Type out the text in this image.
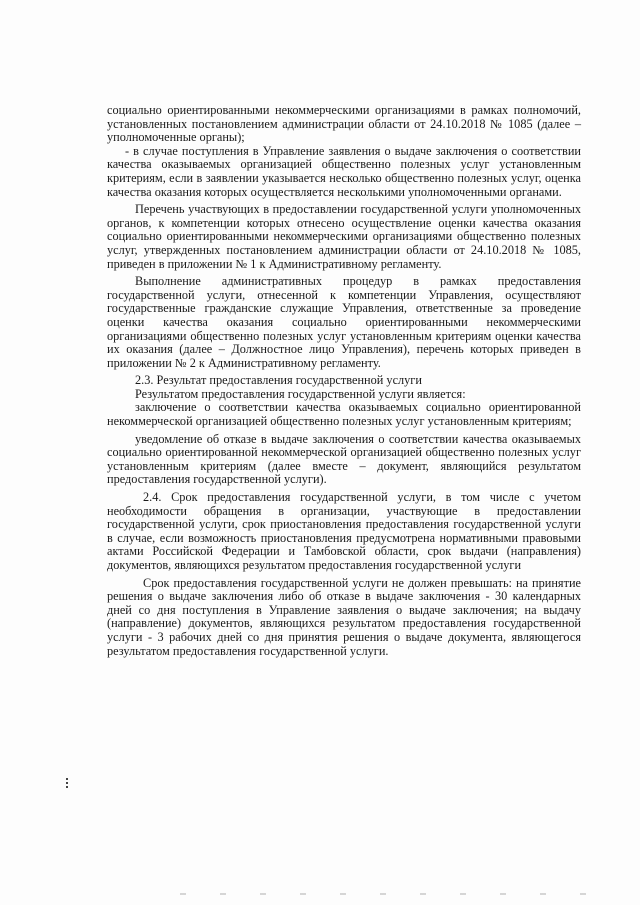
социально ориентированными некоммерческими организациями в рамках полномочий, установленных постановлением администрации области от 24.10.2018 № 1085 (далее – уполномоченные органы);

- в случае поступления в Управление заявления о выдаче заключения о соответствии качества оказываемых организацией общественно полезных услуг установленным критериям, если в заявлении указывается несколько общественно полезных услуг, оценка качества оказания которых осуществляется несколькими уполномоченными органами.

Перечень участвующих в предоставлении государственной услуги уполномоченных органов, к компетенции которых отнесено осуществление оценки качества оказания социально ориентированными некоммерческими организациями общественно полезных услуг, утвержденных постановлением администрации области от 24.10.2018 № 1085, приведен в приложении № 1 к Административному регламенту.

Выполнение административных процедур в рамках предоставления государственной услуги, отнесенной к компетенции Управления, осуществляют государственные гражданские служащие Управления, ответственные за проведение оценки качества оказания социально ориентированными некоммерческими организациями общественно полезных услуг установленным критериям оценки качества их оказания (далее – Должностное лицо Управления), перечень которых приведен в приложении № 2 к Административному регламенту.

2.3. Результат предоставления государственной услуги

Результатом предоставления государственной услуги является:

заключение о соответствии качества оказываемых социально ориентированной некоммерческой организацией общественно полезных услуг установленным критериям;

уведомление об отказе в выдаче заключения о соответствии качества оказываемых социально ориентированной некоммерческой организацией общественно полезных услуг установленным критериям (далее вместе – документ, являющийся результатом предоставления государственной услуги).

2.4. Срок предоставления государственной услуги, в том числе с учетом необходимости обращения в организации, участвующие в предоставлении государственной услуги, срок приостановления предоставления государственной услуги в случае, если возможность приостановления предусмотрена нормативными правовыми актами Российской Федерации и Тамбовской области, срок выдачи (направления) документов, являющихся результатом предоставления государственной услуги

Срок предоставления государственной услуги не должен превышать: на принятие решения о выдаче заключения либо об отказе в выдаче заключения - 30 календарных дней со дня поступления в Управление заявления о выдаче заключения; на выдачу (направление) документов, являющихся результатом предоставления государственной услуги - 3 рабочих дней со дня принятия решения о выдаче документа, являющегося результатом предоставления государственной услуги.
